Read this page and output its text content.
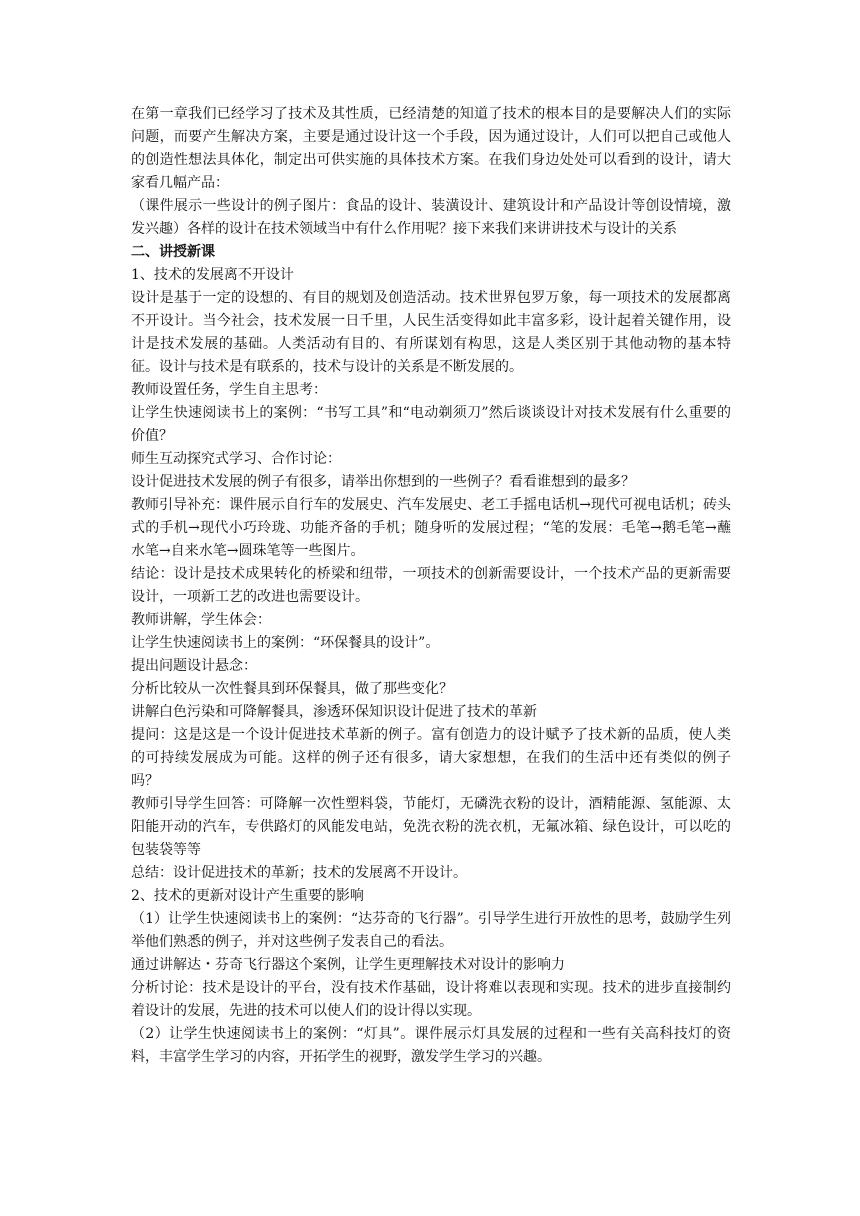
在第一章我们已经学习了技术及其性质，已经清楚的知道了技术的根本目的是要解决人们的实际问题，而要产生解决方案，主要是通过设计这一个手段，因为通过设计，人们可以把自己或他人的创造性想法具体化，制定出可供实施的具体技术方案。在我们身边处处可以看到的设计，请大家看几幅产品：

（课件展示一些设计的例子图片：食品的设计、装潢设计、建筑设计和产品设计等创设情境，激发兴趣）各样的设计在技术领域当中有什么作用呢？接下来我们来讲讲技术与设计的关系

二、讲授新课

1、技术的发展离不开设计

设计是基于一定的设想的、有目的规划及创造活动。技术世界包罗万象，每一项技术的发展都离不开设计。当今社会，技术发展一日千里，人民生活变得如此丰富多彩，设计起着关键作用，设计是技术发展的基础。人类活动有目的、有所谋划有构思，这是人类区别于其他动物的基本特征。设计与技术是有联系的，技术与设计的关系是不断发展的。

教师设置任务，学生自主思考：

让学生快速阅读书上的案例：“书写工具”和“电动剃须刀”然后谈谈设计对技术发展有什么重要的价值？

师生互动探究式学习、合作讨论：

设计促进技术发展的例子有很多，请举出你想到的一些例子？看看谁想到的最多？

教师引导补充：课件展示自行车的发展史、汽车发展史、老工手摇电话机→现代可视电话机；砖头式的手机→现代小巧玲珑、功能齐备的手机；随身听的发展过程；“笔的发展：毛笔→鹅毛笔→蘸水笔→自来水笔→圆珠笔等一些图片。

结论：设计是技术成果转化的桥梁和纽带，一项技术的创新需要设计，一个技术产品的更新需要设计，一项新工艺的改进也需要设计。

教师讲解，学生体会：

让学生快速阅读书上的案例：“环保餐具的设计”。

提出问题设计悬念：

分析比较从一次性餐具到环保餐具，做了那些变化？

讲解白色污染和可降解餐具，渗透环保知识设计促进了技术的革新

提问：这是这是一个设计促进技术革新的例子。富有创造力的设计赋予了技术新的品质，使人类的可持续发展成为可能。这样的例子还有很多，请大家想想，在我们的生活中还有类似的例子吗？

教师引导学生回答：可降解一次性塑料袋，节能灯，无磷洗衣粉的设计，酒精能源、氢能源、太阳能开动的汽车，专供路灯的风能发电站，免洗衣粉的洗衣机，无氟冰箱、绿色设计，可以吃的包装袋等等

总结：设计促进技术的革新；技术的发展离不开设计。

2、技术的更新对设计产生重要的影响

（1）让学生快速阅读书上的案例：“达芬奇的飞行器”。引导学生进行开放性的思考，鼓励学生列举他们熟悉的例子，并对这些例子发表自己的看法。

通过讲解达・芬奇飞行器这个案例，让学生更理解技术对设计的影响力

分析讨论：技术是设计的平台，没有技术作基础，设计将难以表现和实现。技术的进步直接制约着设计的发展，先进的技术可以使人们的设计得以实现。

（2）让学生快速阅读书上的案例：“灯具”。课件展示灯具发展的过程和一些有关高科技灯的资料，丰富学生学习的内容，开拓学生的视野，激发学生学习的兴趣。
